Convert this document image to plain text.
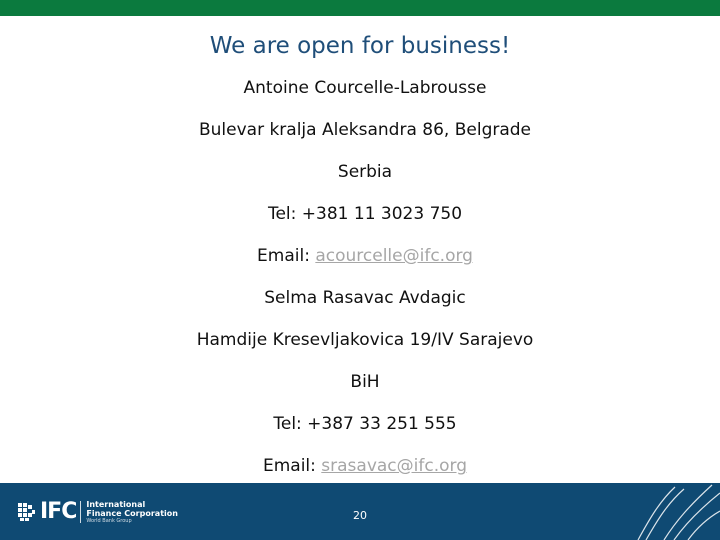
We are open for business!
Antoine Courcelle-Labrousse
Bulevar kralja Aleksandra 86, Belgrade
Serbia
Tel: +381 11 3023 750
Email: acourcelle@ifc.org
Selma Rasavac Avdagic
Hamdije Kresevljakovica 19/IV Sarajevo
BiH
Tel: +387 33 251 555
Email: srasavac@ifc.org
IFC International
Finance Corporation
World Bank Group	20
